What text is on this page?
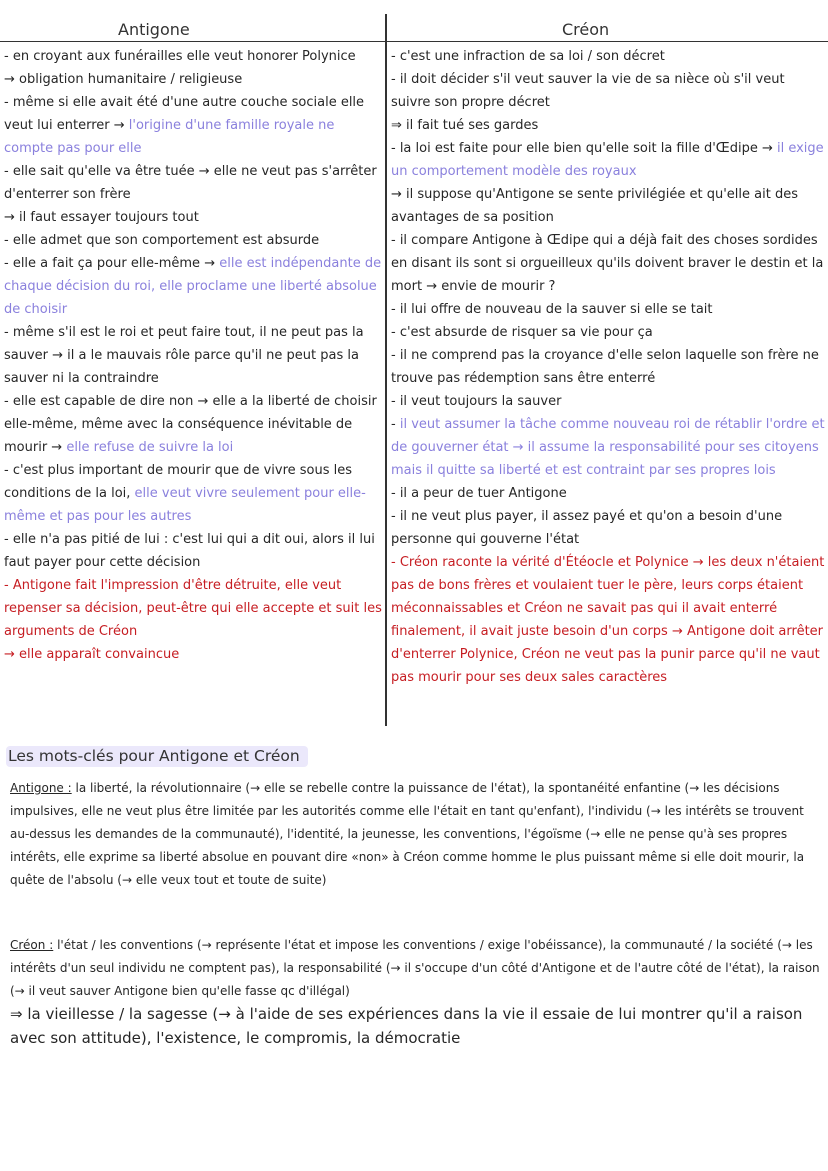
Antigone	Créon
- en croyant aux funérailles elle veut honorer Polynice
→ obligation humanitaire / religieuse
- même si elle avait été d'une autre couche sociale elle veut lui enterrer → l'origine d'une famille royale ne compte pas pour elle
- elle sait qu'elle va être tuée → elle ne veut pas s'arrêter d'enterrer son frère
→ il faut essayer toujours tout
- elle admet que son comportement est absurde
- elle a fait ça pour elle-même → elle est indépendante de chaque décision du roi, elle proclame une liberté absolue de choisir
- même s'il est le roi et peut faire tout, il ne peut pas la sauver → il a le mauvais rôle parce qu'il ne peut pas la sauver ni la contraindre
- elle est capable de dire non → elle a la liberté de choisir elle-même, même avec la conséquence inévitable de mourir → elle refuse de suivre la loi
- c'est plus important de mourir que de vivre sous les conditions de la loi, elle veut vivre seulement pour elle-même et pas pour les autres
- elle n'a pas pitié de lui : c'est lui qui a dit oui, alors il lui faut payer pour cette décision
- Antigone fait l'impression d'être détruite, elle veut repenser sa décision, peut-être qui elle accepte et suit les arguments de Créon
→ elle apparaît convaincue
- c'est une infraction de sa loi / son décret
- il doit décider s'il veut sauver la vie de sa nièce où s'il veut suivre son propre décret
⇒ il fait tué ses gardes
- la loi est faite pour elle bien qu'elle soit la fille d'Œdipe → il exige un comportement modèle des royaux
→ il suppose qu'Antigone se sente privilégiée et qu'elle ait des avantages de sa position
- il compare Antigone à Œdipe qui a déjà fait des choses sordides en disant ils sont si orgueilleux qu'ils doivent braver le destin et la mort → envie de mourir ?
- il lui offre de nouveau de la sauver si elle se tait
- c'est absurde de risquer sa vie pour ça
- il ne comprend pas la croyance d'elle selon laquelle son frère ne trouve pas rédemption sans être enterré
- il veut toujours la sauver
- il veut assumer la tâche comme nouveau roi de rétablir l'ordre et de gouverner état → il assume la responsabilité pour ses citoyens mais il quitte sa liberté et est contraint par ses propres lois
- il a peur de tuer Antigone
- il ne veut plus payer, il assez payé et qu'on a besoin d'une personne qui gouverne l'état
- Créon raconte la vérité d'Étéocle et Polynice → les deux n'étaient pas de bons frères et voulaient tuer le père, leurs corps étaient méconnaissables et Créon ne savait pas qui il avait enterré finalement, il avait juste besoin d'un corps → Antigone doit arrêter d'enterrer Polynice, Créon ne veut pas la punir parce qu'il ne vaut pas mourir pour ses deux sales caractères
Les mots-clés pour Antigone et Créon

Antigone : la liberté, la révolutionnaire (→ elle se rebelle contre la puissance de l'état), la spontanéité enfantine (→ les décisions impulsives, elle ne veut plus être limitée par les autorités comme elle l'était en tant qu'enfant), l'individu (→ les intérêts se trouvent au-dessus les demandes de la communauté), l'identité, la jeunesse, les conventions, l'égoïsme (→ elle ne pense qu'à ses propres intérêts, elle exprime sa liberté absolue en pouvant dire «non» à Créon comme homme le plus puissant même si elle doit mourir, la quête de l'absolu (→ elle veux tout et toute de suite)

Créon : l'état / les conventions (→ représente l'état et impose les conventions / exige l'obéissance), la communauté / la société (→ les intérêts d'un seul individu ne comptent pas), la responsabilité (→ il s'occupe d'un côté d'Antigone et de l'autre côté de l'état), la raison (→ il veut sauver Antigone bien qu'elle fasse qc d'illégal)
⇒ la vieillesse / la sagesse (→ à l'aide de ses expériences dans la vie il essaie de lui montrer qu'il a raison avec son attitude), l'existence, le compromis, la démocratie
